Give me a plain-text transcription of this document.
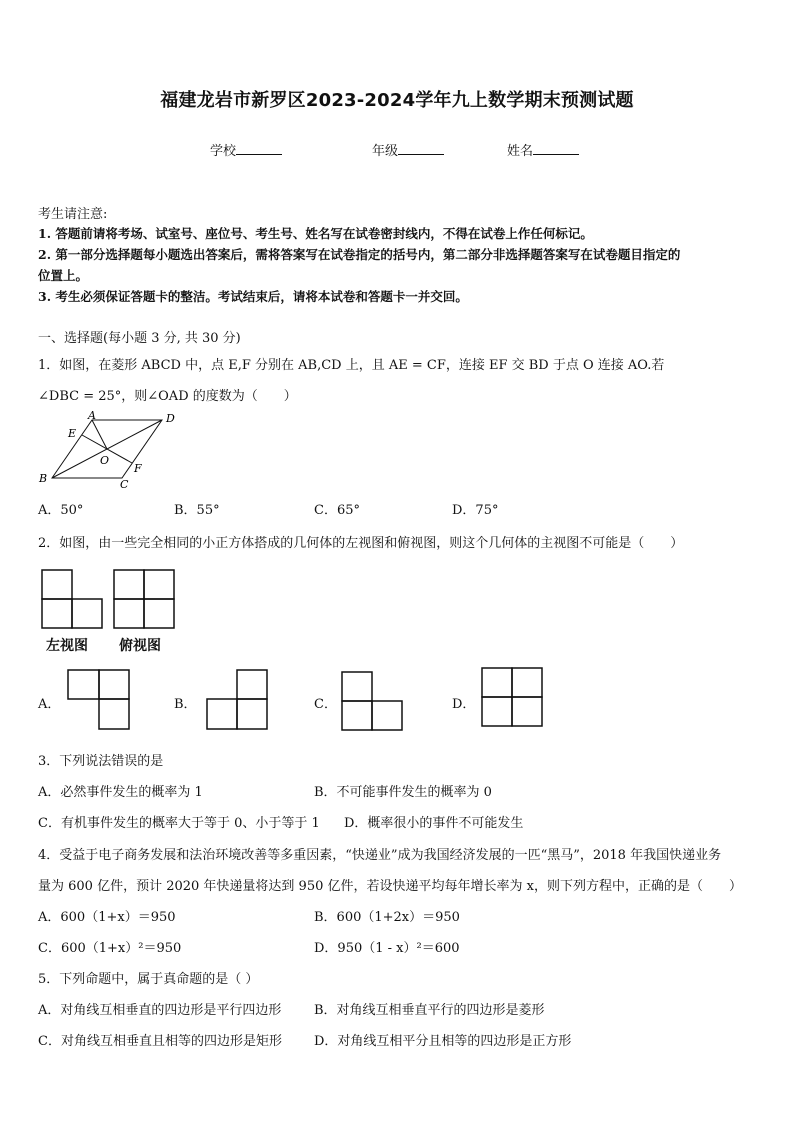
福建龙岩市新罗区2023-2024学年九上数学期末预测试题
学校	年级	姓名
考生请注意:
1. 答题前请将考场、试室号、座位号、考生号、姓名写在试卷密封线内，不得在试卷上作任何标记。
2. 第一部分选择题每小题选出答案后，需将答案写在试卷指定的括号内，第二部分非选择题答案写在试卷题目指定的
位置上。
3. 考生必须保证答题卡的整洁。考试结束后，请将本试卷和答题卡一并交回。
一、选择题(每小题 3 分, 共 30 分)
1．如图，在菱形 ABCD 中，点 E,F 分别在 AB,CD 上，且 AE = CF，连接 EF 交 BD 于点 O 连接 AO.若
∠DBC = 25°，则∠OAD 的度数为（　　）
A	D
E
O
B	C
F
A．50°	B．55°	C．65°	D．75°
2．如图，由一些完全相同的小正方体搭成的几何体的左视图和俯视图，则这个几何体的主视图不可能是（　　）
左视图 俯视图
A．	B．	C．	D．
3．下列说法错误的是
A．必然事件发生的概率为 1	B．不可能事件发生的概率为 0
C．有机事件发生的概率大于等于 0、小于等于 1 D．概率很小的事件不可能发生
4．受益于电子商务发展和法治环境改善等多重因素，“快递业”成为我国经济发展的一匹“黑马”，2018 年我国快递业务
量为 600 亿件，预计 2020 年快递量将达到 950 亿件，若设快递平均每年增长率为 x，则下列方程中，正确的是（　　）
A．600（1+x）＝950	B．600（1+2x）＝950
C．600（1+x）²＝950	D．950（1 - x）²＝600
5．下列命题中，属于真命题的是（ ）
A．对角线互相垂直的四边形是平行四边形	B．对角线互相垂直平行的四边形是菱形
C．对角线互相垂直且相等的四边形是矩形 D．对角线互相平分且相等的四边形是正方形
